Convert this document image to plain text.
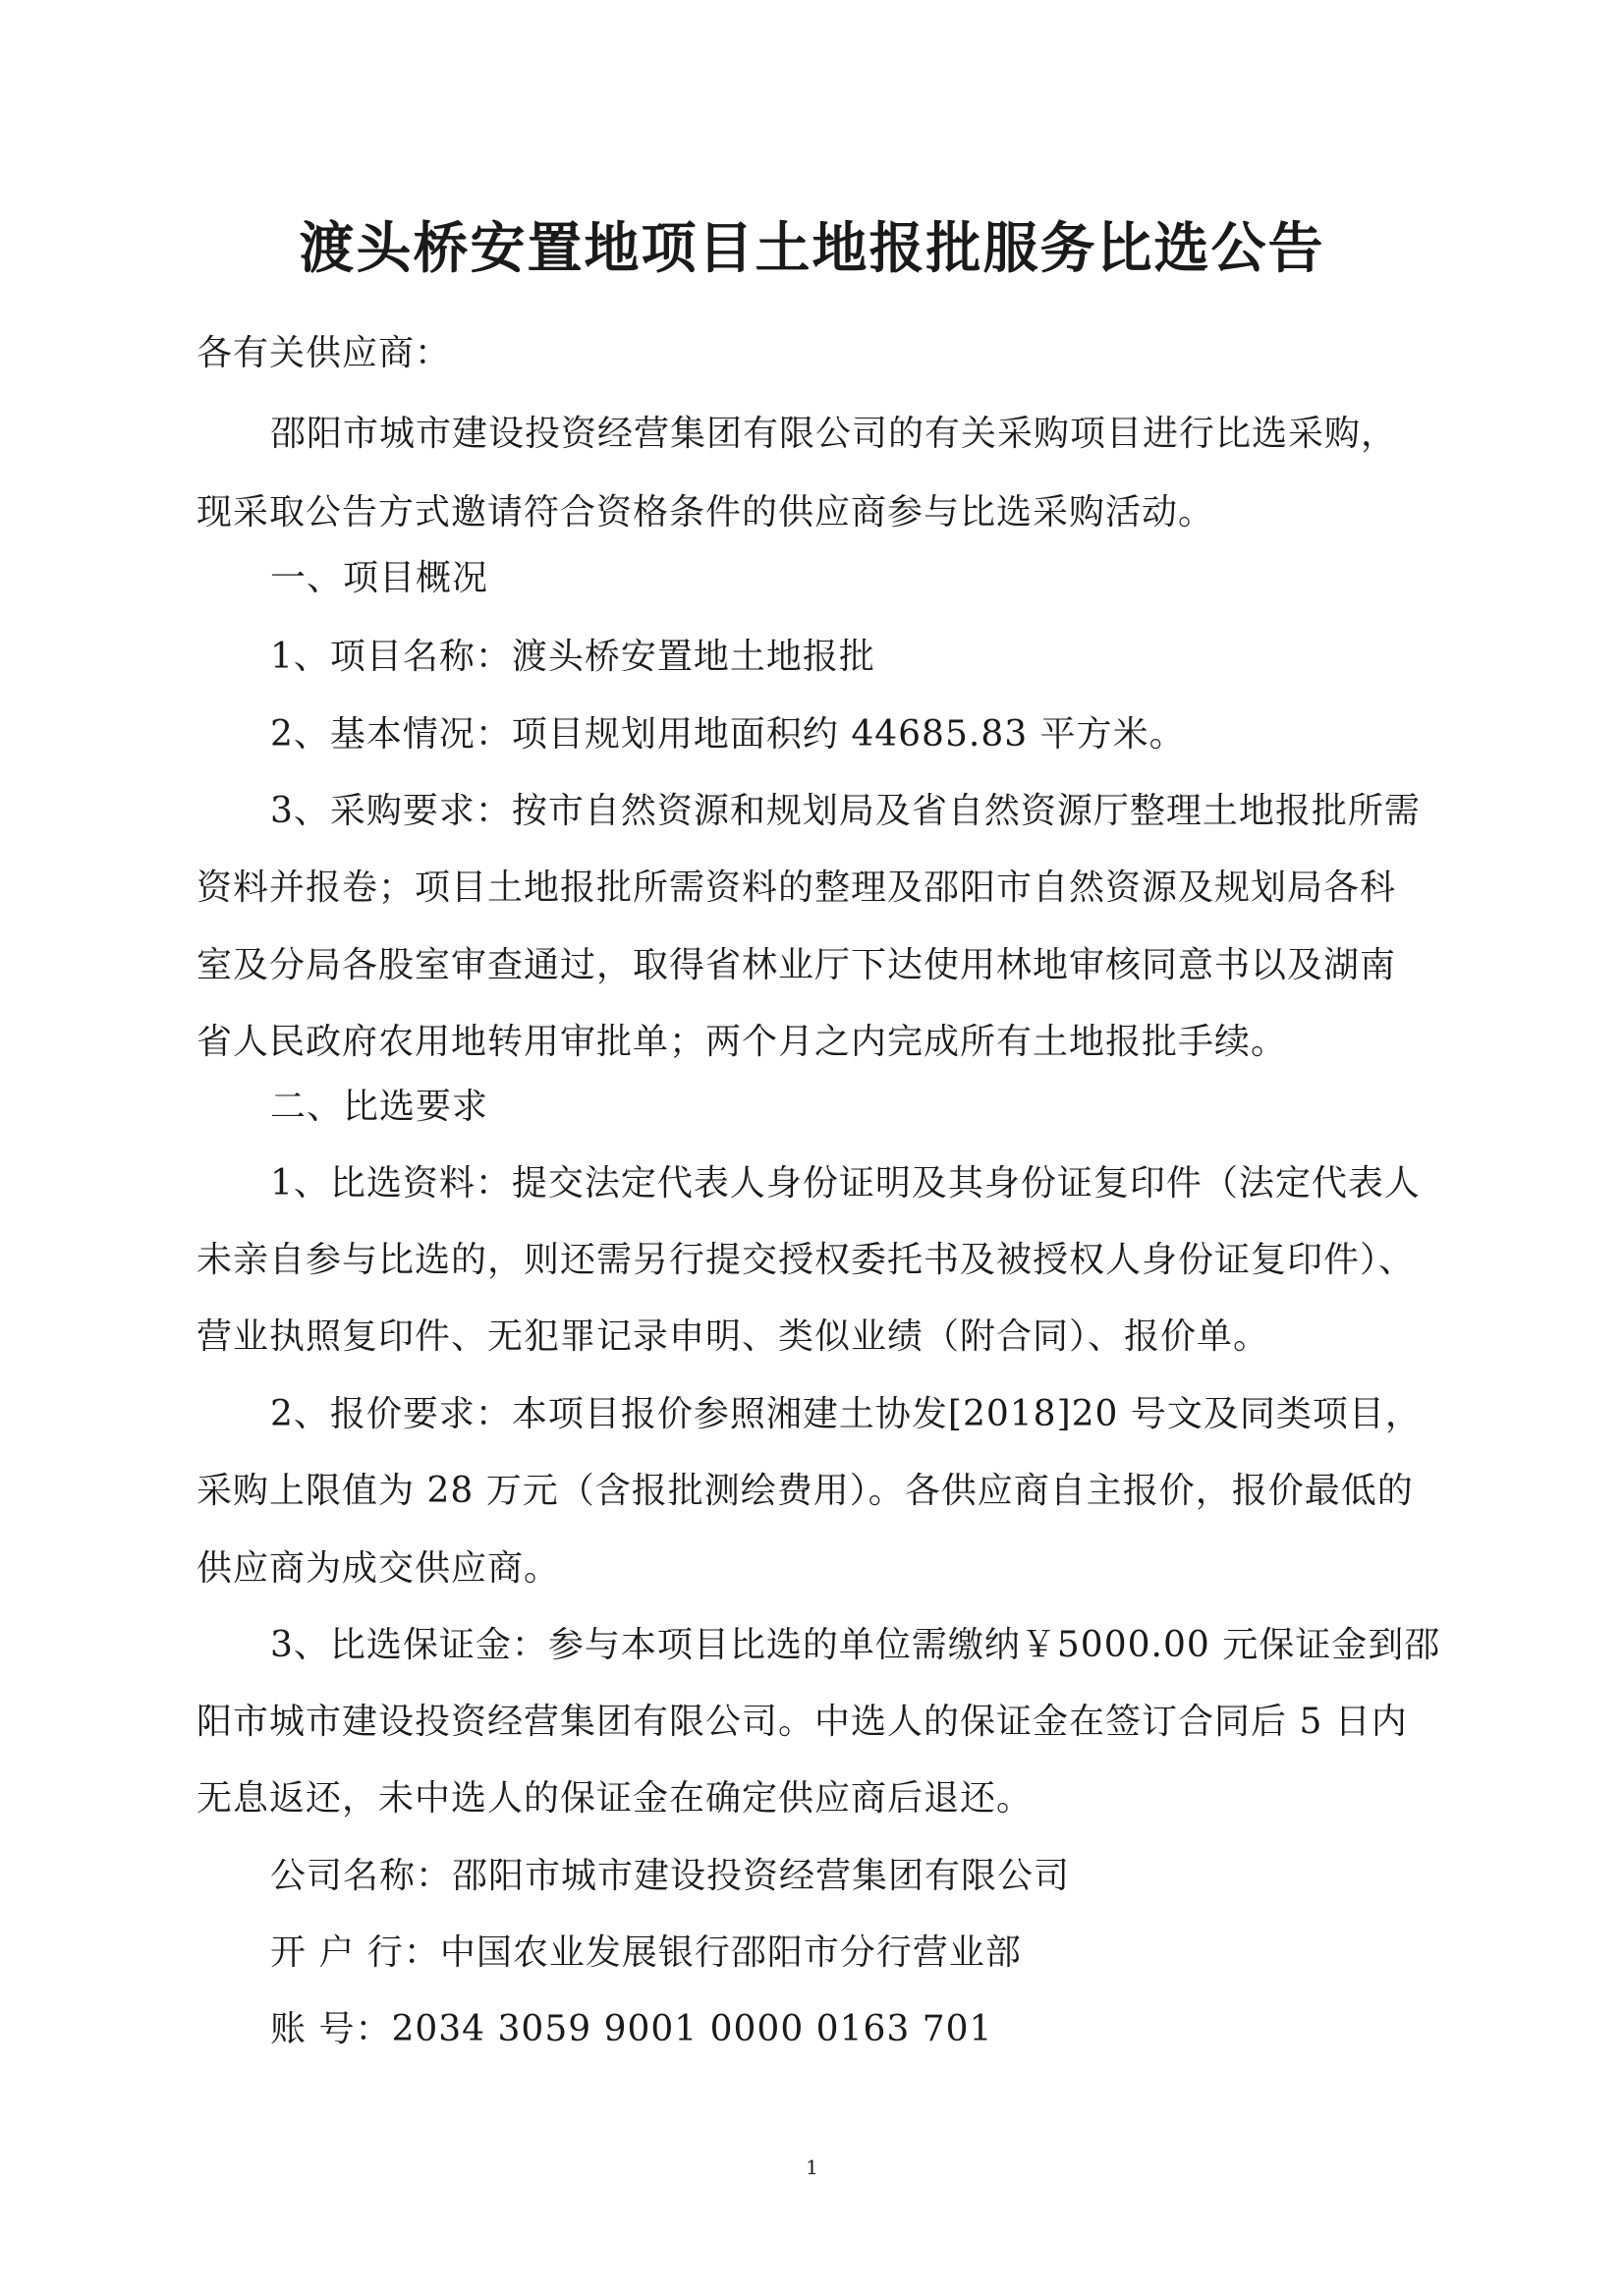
渡头桥安置地项目土地报批服务比选公告
各有关供应商：
邵阳市城市建设投资经营集团有限公司的有关采购项目进行比选采购，
现采取公告方式邀请符合资格条件的供应商参与比选采购活动。
一、项目概况
1、项目名称：渡头桥安置地土地报批
2、基本情况：项目规划用地面积约 44685.83 平方米。
3、采购要求：按市自然资源和规划局及省自然资源厅整理土地报批所需
资料并报卷；项目土地报批所需资料的整理及邵阳市自然资源及规划局各科
室及分局各股室审查通过，取得省林业厅下达使用林地审核同意书以及湖南
省人民政府农用地转用审批单；两个月之内完成所有土地报批手续。
二、比选要求
1、比选资料：提交法定代表人身份证明及其身份证复印件（法定代表人
未亲自参与比选的，则还需另行提交授权委托书及被授权人身份证复印件）、
营业执照复印件、无犯罪记录申明、类似业绩（附合同）、报价单。
2、报价要求：本项目报价参照湘建土协发[2018]20 号文及同类项目，
采购上限值为 28 万元（含报批测绘费用）。各供应商自主报价，报价最低的
供应商为成交供应商。
3、比选保证金：参与本项目比选的单位需缴纳￥5000.00 元保证金到邵
阳市城市建设投资经营集团有限公司。中选人的保证金在签订合同后 5 日内
无息返还，未中选人的保证金在确定供应商后退还。
公司名称：邵阳市城市建设投资经营集团有限公司
开 户 行：中国农业发展银行邵阳市分行营业部
账 号：2034 3059 9001 0000 0163 701
1
